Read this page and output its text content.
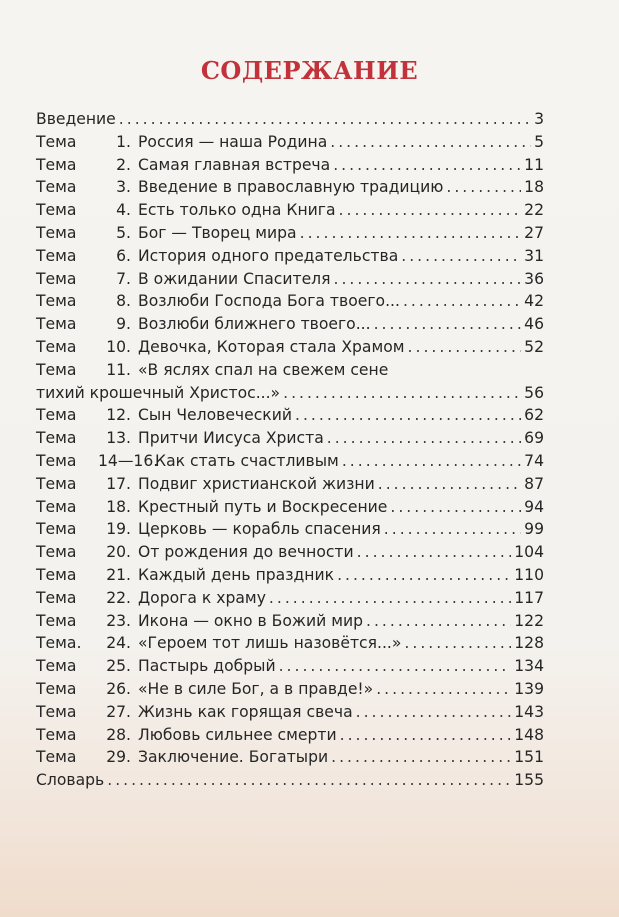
СОДЕРЖАНИЕ
Введение .....	3
Тема	1. Россия — наша Родина .....	5
Тема	2. Самая главная встреча .....	11
Тема	3. Введение в православную традицию .....	18
Тема	4. Есть только одна Книга .....	22
Тема	5. Бог — Творец мира .....	27
Тема	6. История одного предательства .....	31
Тема	7. В ожидании Спасителя .....	36
Тема	8. Возлюби Господа Бога твоего... .....	42
Тема	9. Возлюби ближнего твоего... .....	46
Тема 10. Девочка, Которая стала Храмом .....	52
Тема 11. «В яслях спал на свежем сене
тихий крошечный Христос...» .....	56
Тема 12. Сын Человеческий .....	62
Тема 13. Притчи Иисуса Христа .....	69
Тема 14—16.Как стать счастливым .....	74
Тема 17. Подвиг христианской жизни .....	87
Тема 18. Крестный путь и Воскресение .....	94
Тема 19. Церковь — корабль спасения .....	99
Тема 20. От рождения до вечности .....	104
Тема 21. Каждый день праздник .....	110
Тема 22. Дорога к храму .....	117
Тема 23. Икона — окно в Божий мир .....	122
Тема. 24. «Героем тот лишь назовётся...» .....	128
Тема 25. Пастырь добрый .....	134
Тема 26. «Не в силе Бог, а в правде!» .....	139
Тема 27. Жизнь как горящая свеча .....	143
Тема 28. Любовь сильнее смерти .....	148
Тема 29. Заключение. Богатыри .....	151
Словарь .....	155
